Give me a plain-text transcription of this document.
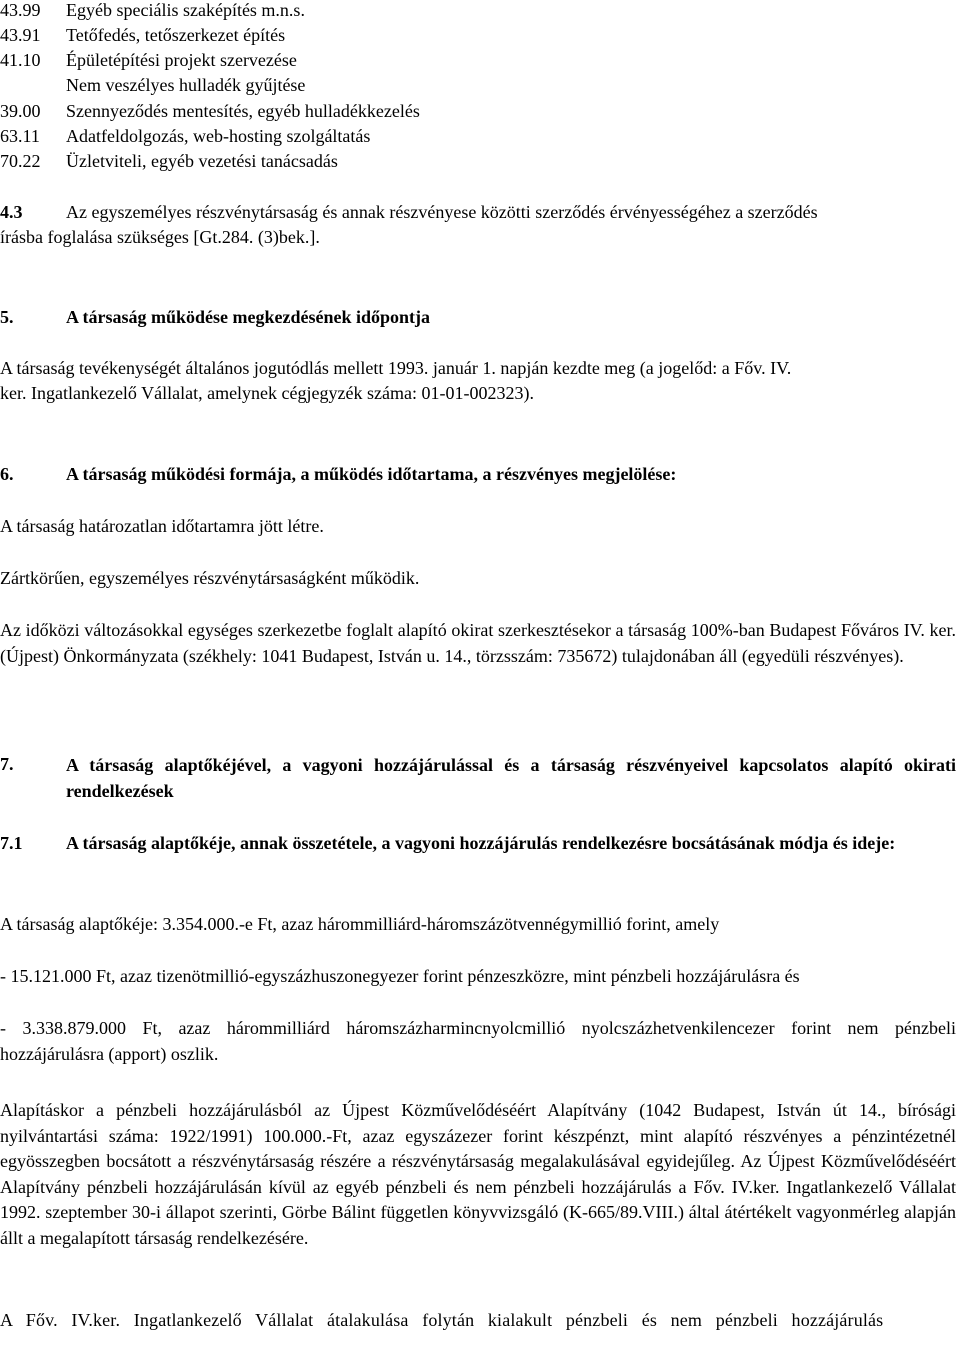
43.99 Egyéb speciális szaképítés m.n.s.
43.91 Tetőfedés, tetőszerkezet építés
41.10 Épületépítési projekt szervezése
Nem veszélyes hulladék gyűjtése
39.00 Szennyeződés mentesítés, egyéb hulladékkezelés
63.11 Adatfeldolgozás, web-hosting szolgáltatás
70.22 Üzletviteli, egyéb vezetési tanácsadás
4.3 Az egyszemélyes részvénytársaság és annak részvényese közötti szerződés érvényességéhez a szerződés
írásba foglalása szükséges [Gt.284. (3)bek.].
5.	A társaság működése megkezdésének időpontja
A társaság tevékenységét általános jogutódlás mellett 1993. január 1. napján kezdte meg (a jogelőd: a Főv. IV.
ker. Ingatlankezelő Vállalat, amelynek cégjegyzék száma: 01-01-002323).
6.	A társaság működési formája, a működés időtartama, a részvényes megjelölése:
A társaság határozatlan időtartamra jött létre.
Zártkörűen, egyszemélyes részvénytársaságként működik.
Az időközi változásokkal egységes szerkezetbe foglalt alapító okirat szerkesztésekor a társaság 100%-ban Budapest Főváros IV. ker. (Újpest) Önkormányzata (székhely: 1041 Budapest, István u. 14., törzsszám: 735672) tulajdonában áll (egyedüli részvényes).
7.	A társaság alaptőkéjével, a vagyoni hozzájárulással és a társaság részvényeivel kapcsolatos alapító okirati rendelkezések
7.1 A társaság alaptőkéje, annak összetétele, a vagyoni hozzájárulás rendelkezésre bocsátásának módja és ideje:
A társaság alaptőkéje: 3.354.000.-e Ft, azaz hárommilliárd-háromszázötvennégymillió forint, amely
- 15.121.000 Ft, azaz tizenötmillió-egyszázhuszonegyezer forint pénzeszközre, mint pénzbeli hozzájárulásra és
- 3.338.879.000 Ft, azaz hárommilliárd háromszázharmincnyolcmillió nyolcszázhetvenkilencezer forint nem pénzbeli hozzájárulásra (apport) oszlik.
Alapításkor a pénzbeli hozzájárulásból az Újpest Közművelődéséért Alapítvány (1042 Budapest, István út 14., bírósági nyilvántartási száma: 1922/1991) 100.000.-Ft, azaz egyszázezer forint készpénzt, mint alapító részvényes a pénzintézetnél egyösszegben bocsátott a részvénytársaság részére a részvénytársaság megalakulásával egyidejűleg. Az Újpest Közművelődéséért Alapítvány pénzbeli hozzájárulásán kívül az egyéb pénzbeli és nem pénzbeli hozzájárulás a Főv. IV.ker. Ingatlankezelő Vállalat 1992. szeptember 30-i állapot szerinti, Görbe Bálint független könyvvizsgáló (K-665/89.VIII.) által átértékelt vagyonmérleg alapján állt a megalapított társaság rendelkezésére.
A Főv. IV.ker. Ingatlankezelő Vállalat átalakulása folytán kialakult pénzbeli és nem pénzbeli hozzájárulás
